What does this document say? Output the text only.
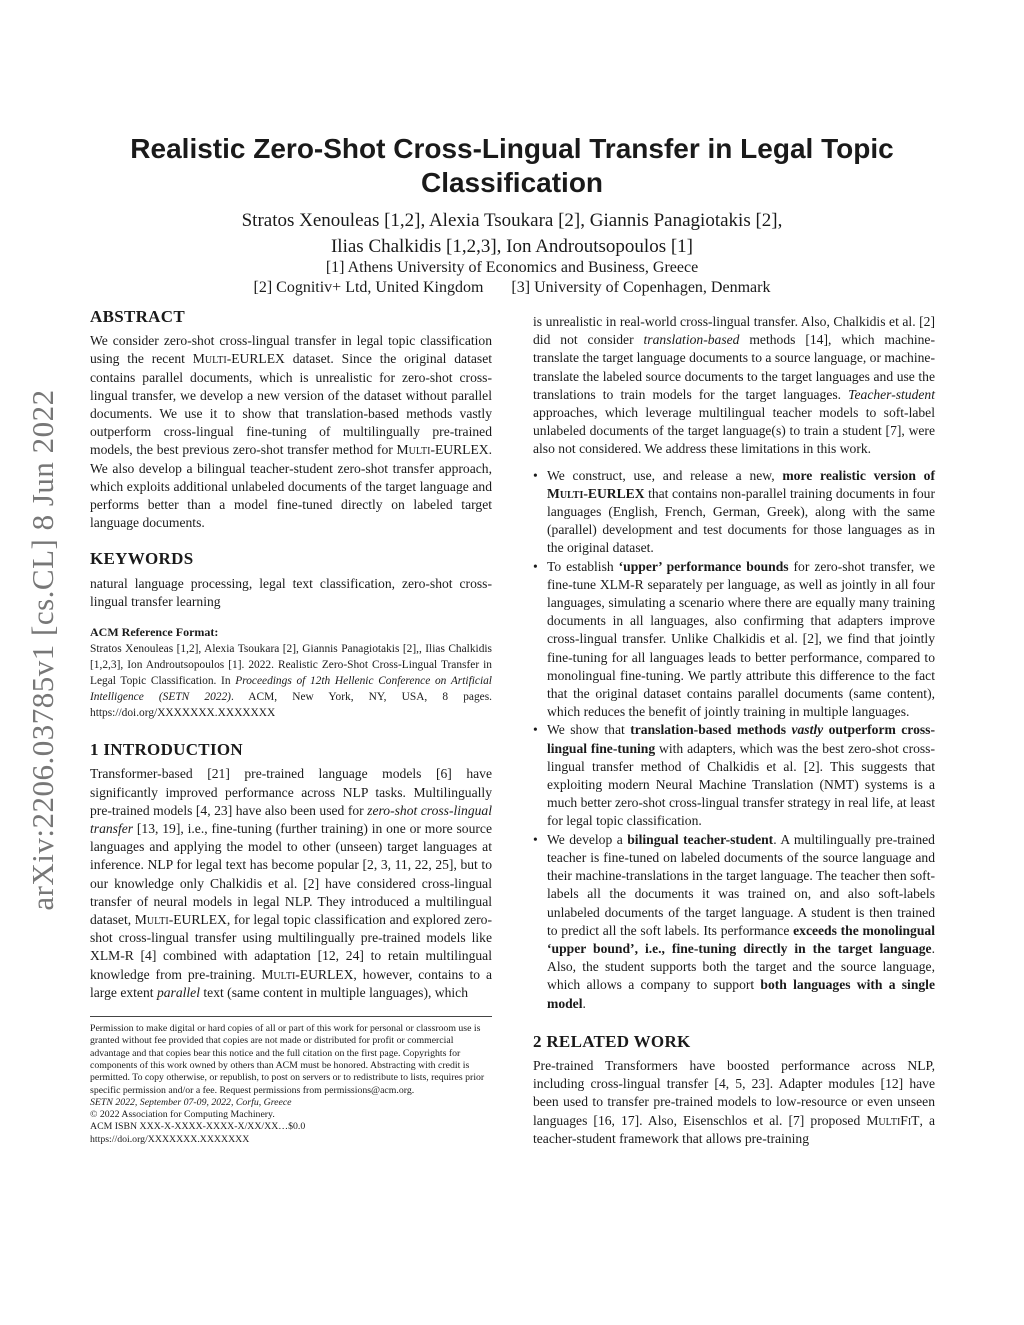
arXiv:2206.03785v1 [cs.CL] 8 Jun 2022
Realistic Zero-Shot Cross-Lingual Transfer in Legal Topic Classification
Stratos Xenouleas [1,2], Alexia Tsoukara [2], Giannis Panagiotakis [2],
Ilias Chalkidis [1,2,3], Ion Androutsopoulos [1]
[1] Athens University of Economics and Business, Greece
[2] Cognitiv+ Ltd, United Kingdom [3] University of Copenhagen, Denmark
ABSTRACT

We consider zero-shot cross-lingual transfer in legal topic classification using the recent Multi-EURLEX dataset. Since the original dataset contains parallel documents, which is unrealistic for zero-shot cross-lingual transfer, we develop a new version of the dataset without parallel documents. We use it to show that translation-based methods vastly outperform cross-lingual fine-tuning of multilingually pre-trained models, the best previous zero-shot transfer method for Multi-EURLEX. We also develop a bilingual teacher-student zero-shot transfer approach, which exploits additional unlabeled documents of the target language and performs better than a model fine-tuned directly on labeled target language documents.

KEYWORDS

natural language processing, legal text classification, zero-shot cross-lingual transfer learning

ACM Reference Format:

Stratos Xenouleas [1,2], Alexia Tsoukara [2], Giannis Panagiotakis [2],, Ilias Chalkidis [1,2,3], Ion Androutsopoulos [1]. 2022. Realistic Zero-Shot Cross-Lingual Transfer in Legal Topic Classification. In Proceedings of 12th Hellenic Conference on Artificial Intelligence (SETN 2022). ACM, New York, NY, USA, 8 pages. https://doi.org/XXXXXXX.XXXXXXX

1 INTRODUCTION

Transformer-based [21] pre-trained language models [6] have significantly improved performance across NLP tasks. Multilingually pre-trained models [4, 23] have also been used for zero-shot cross-lingual transfer [13, 19], i.e., fine-tuning (further training) in one or more source languages and applying the model to other (unseen) target languages at inference. NLP for legal text has become popular [2, 3, 11, 22, 25], but to our knowledge only Chalkidis et al. [2] have considered cross-lingual transfer of neural models in legal NLP. They introduced a multilingual dataset, Multi-EURLEX, for legal topic classification and explored zero-shot cross-lingual transfer using multilingually pre-trained models like XLM-R [4] combined with adaptation [12, 24] to retain multilingual knowledge from pre-training. Multi-EURLEX, however, contains to a large extent parallel text (same content in multiple languages), which

Permission to make digital or hard copies of all or part of this work for personal or classroom use is granted without fee provided that copies are not made or distributed for profit or commercial advantage and that copies bear this notice and the full citation on the first page. Copyrights for components of this work owned by others than ACM must be honored. Abstracting with credit is permitted. To copy otherwise, or republish, to post on servers or to redistribute to lists, requires prior specific permission and/or a fee. Request permissions from permissions@acm.org.

SETN 2022, September 07-09, 2022, Corfu, Greece

© 2022 Association for Computing Machinery.

ACM ISBN XXX-X-XXXX-XXXX-X/XX/XX…$0.0

https://doi.org/XXXXXXX.XXXXXXX

is unrealistic in real-world cross-lingual transfer. Also, Chalkidis et al. [2] did not consider translation-based methods [14], which machine-translate the target language documents to a source language, or machine-translate the labeled source documents to the target languages and use the translations to train models for the target languages. Teacher-student approaches, which leverage multilingual teacher models to soft-label unlabeled documents of the target language(s) to train a student [7], were also not considered. We address these limitations in this work.

• We construct, use, and release a new, more realistic version of Multi-EURLEX that contains non-parallel training documents in four languages (English, French, German, Greek), along with the same (parallel) development and test documents for those languages as in the original dataset.
• To establish ‘upper’ performance bounds for zero-shot transfer, we fine-tune XLM-R separately per language, as well as jointly in all four languages, simulating a scenario where there are equally many training documents in all languages, also confirming that adapters improve cross-lingual transfer. Unlike Chalkidis et al. [2], we find that jointly fine-tuning for all languages leads to better performance, compared to monolingual fine-tuning. We partly attribute this difference to the fact that the original dataset contains parallel documents (same content), which reduces the benefit of jointly training in multiple languages.
• We show that translation-based methods vastly outperform cross-lingual fine-tuning with adapters, which was the best zero-shot cross-lingual transfer method of Chalkidis et al. [2]. This suggests that exploiting modern Neural Machine Translation (NMT) systems is a much better zero-shot cross-lingual transfer strategy in real life, at least for legal topic classification.
• We develop a bilingual teacher-student. A multilingually pre-trained teacher is fine-tuned on labeled documents of the source language and their machine-translations in the target language. The teacher then soft-labels all the documents it was trained on, and also soft-labels unlabeled documents of the target language. A student is then trained to predict all the soft labels. Its performance exceeds the monolingual ‘upper bound’, i.e., fine-tuning directly in the target language. Also, the student supports both the target and the source language, which allows a company to support both languages with a single model.
2 RELATED WORK

Pre-trained Transformers have boosted performance across NLP, including cross-lingual transfer [4, 5, 23]. Adapter modules [12] have been used to transfer pre-trained models to low-resource or even unseen languages [16, 17]. Also, Eisenschlos et al. [7] proposed MultiFiT, a teacher-student framework that allows pre-training
